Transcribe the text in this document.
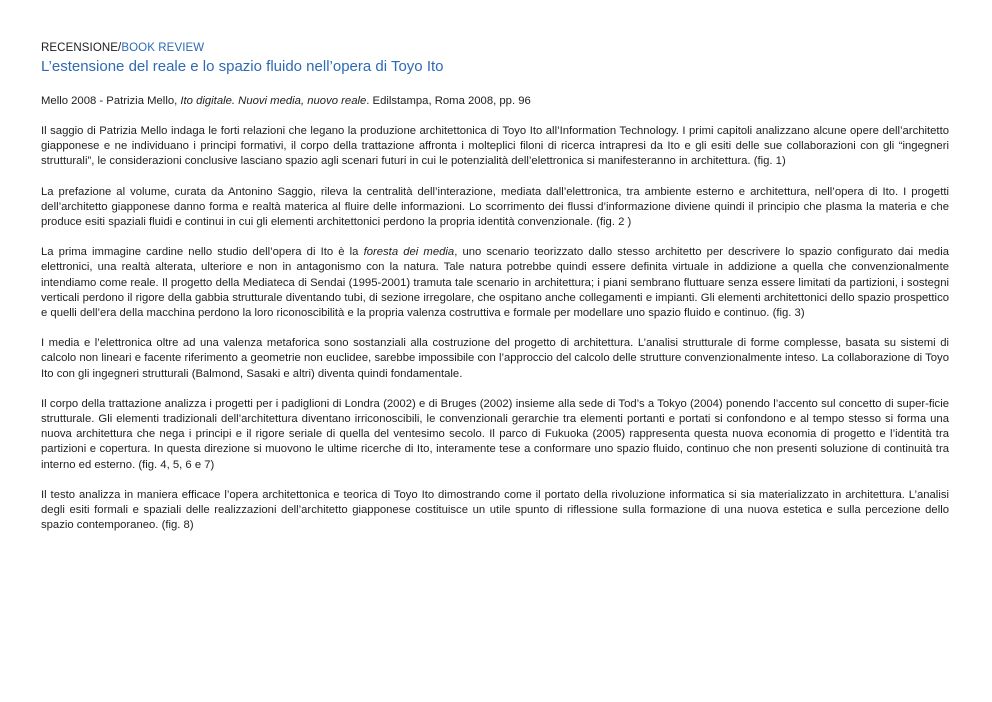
RECENSIONE/BOOK REVIEW
L’estensione del reale e lo spazio fluido nell’opera di Toyo Ito
Mello 2008 - Patrizia Mello, Ito digitale. Nuovi media, nuovo reale. Edilstampa, Roma 2008, pp. 96

Il saggio di Patrizia Mello indaga le forti relazioni che legano la produzione architettonica di Toyo Ito all’Information Technology. I primi capitoli analizzano alcune opere dell’architetto giapponese e ne individuano i principi formativi, il corpo della trattazione affronta i molteplici filoni di ricerca intrapresi da Ito e gli esiti delle sue collaborazioni con gli “ingegneri strutturali”, le considerazioni conclusive lasciano spazio agli scenari futuri in cui le potenzialità dell’elettronica si manifesteranno in architettura. (fig. 1)

La prefazione al volume, curata da Antonino Saggio, rileva la centralità dell’interazione, mediata dall’elettronica, tra ambiente esterno e architettura, nell’opera di Ito. I progetti dell’architetto giapponese danno forma e realtà materica al fluire delle informazioni. Lo scorrimento dei flussi d’informazione diviene quindi il principio che plasma la materia e che produce esiti spaziali fluidi e continui in cui gli elementi architettonici perdono la propria identità convenzionale. (fig. 2 )

La prima immagine cardine nello studio dell’opera di Ito è la foresta dei media, uno scenario teorizzato dallo stesso architetto per descrivere lo spazio configurato dai media elettronici, una realtà alterata, ulteriore e non in antagonismo con la natura. Tale natura potrebbe quindi essere definita virtuale in addizione a quella che convenzionalmente intendiamo come reale. Il progetto della Mediateca di Sendai (1995-2001) tramuta tale scenario in architettura; i piani sembrano fluttuare senza essere limitati da partizioni, i sostegni verticali perdono il rigore della gabbia strutturale diventando tubi, di sezione irregolare, che ospitano anche collegamenti e impianti. Gli elementi architettonici dello spazio prospettico e quelli dell’era della macchina perdono la loro riconoscibilità e la propria valenza costruttiva e formale per modellare uno spazio fluido e continuo. (fig. 3)

I media e l’elettronica oltre ad una valenza metaforica sono sostanziali alla costruzione del progetto di architettura. L’analisi strutturale di forme complesse, basata su sistemi di calcolo non lineari e facente riferimento a geometrie non euclidee, sarebbe impossibile con l’approccio del calcolo delle strutture convenzionalmente inteso. La collaborazione di Toyo Ito con gli ingegneri strutturali (Balmond, Sasaki e altri) diventa quindi fondamentale.

Il corpo della trattazione analizza i progetti per i padiglioni di Londra (2002) e di Bruges (2002) insieme alla sede di Tod’s a Tokyo (2004) ponendo l’accento sul concetto di super-ficie strutturale. Gli elementi tradizionali dell’architettura diventano irriconoscibili, le convenzionali gerarchie tra elementi portanti e portati si confondono e al tempo stesso si forma una nuova architettura che nega i principi e il rigore seriale di quella del ventesimo secolo. Il parco di Fukuoka (2005) rappresenta questa nuova economia di progetto e l’identità tra partizioni e copertura. In questa direzione si muovono le ultime ricerche di Ito, interamente tese a conformare uno spazio fluido, continuo che non presenti soluzione di continuità tra interno ed esterno. (fig. 4, 5, 6 e 7)

Il testo analizza in maniera efficace l’opera architettonica e teorica di Toyo Ito dimostrando come il portato della rivoluzione informatica si sia materializzato in architettura. L’analisi degli esiti formali e spaziali delle realizzazioni dell’architetto giapponese costituisce un utile spunto di riflessione sulla formazione di una nuova estetica e sulla percezione dello spazio contemporaneo. (fig. 8)
